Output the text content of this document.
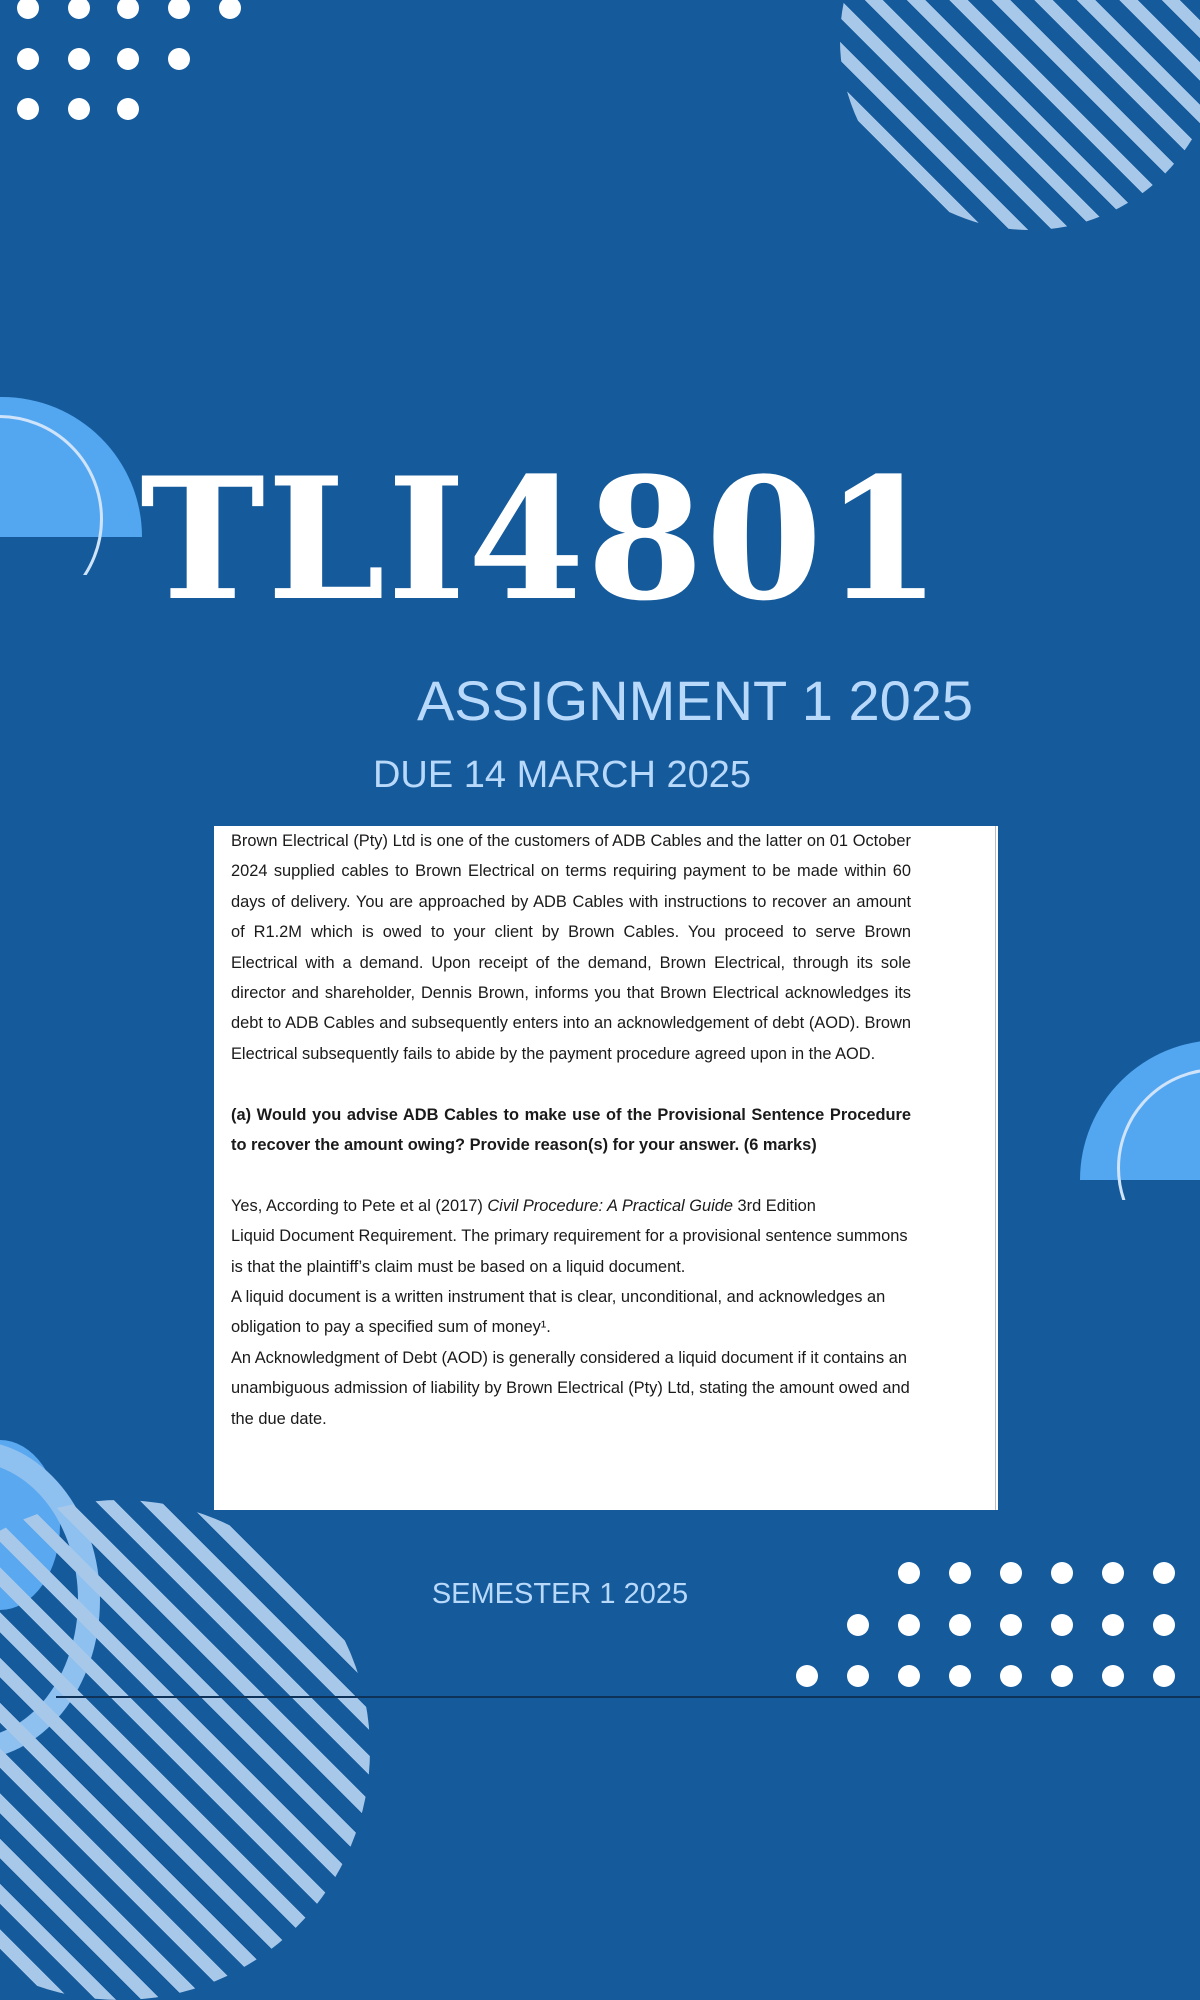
TLI4801
ASSIGNMENT 1 2025
DUE 14 MARCH 2025

Brown Electrical (Pty) Ltd is one of the customers of ADB Cables and the latter on 01 October 2024 supplied cables to Brown Electrical on terms requiring payment to be made within 60 days of delivery. You are approached by ADB Cables with instructions to recover an amount of R1.2M which is owed to your client by Brown Cables. You proceed to serve Brown Electrical with a demand. Upon receipt of the demand, Brown Electrical, through its sole director and shareholder, Dennis Brown, informs you that Brown Electrical acknowledges its debt to ADB Cables and subsequently enters into an acknowledgement of debt (AOD). Brown Electrical subsequently fails to abide by the payment procedure agreed upon in the AOD.

(a) Would you advise ADB Cables to make use of the Provisional Sentence Procedure to recover the amount owing? Provide reason(s) for your answer. (6 marks)

Yes, According to Pete et al (2017) Civil Procedure: A Practical Guide 3rd Edition

Liquid Document Requirement. The primary requirement for a provisional sentence summons is that the plaintiff’s claim must be based on a liquid document.

A liquid document is a written instrument that is clear, unconditional, and acknowledges an obligation to pay a specified sum of money¹.

An Acknowledgment of Debt (AOD) is generally considered a liquid document if it contains an unambiguous admission of liability by Brown Electrical (Pty) Ltd, stating the amount owed and the due date.

SEMESTER 1 2025
